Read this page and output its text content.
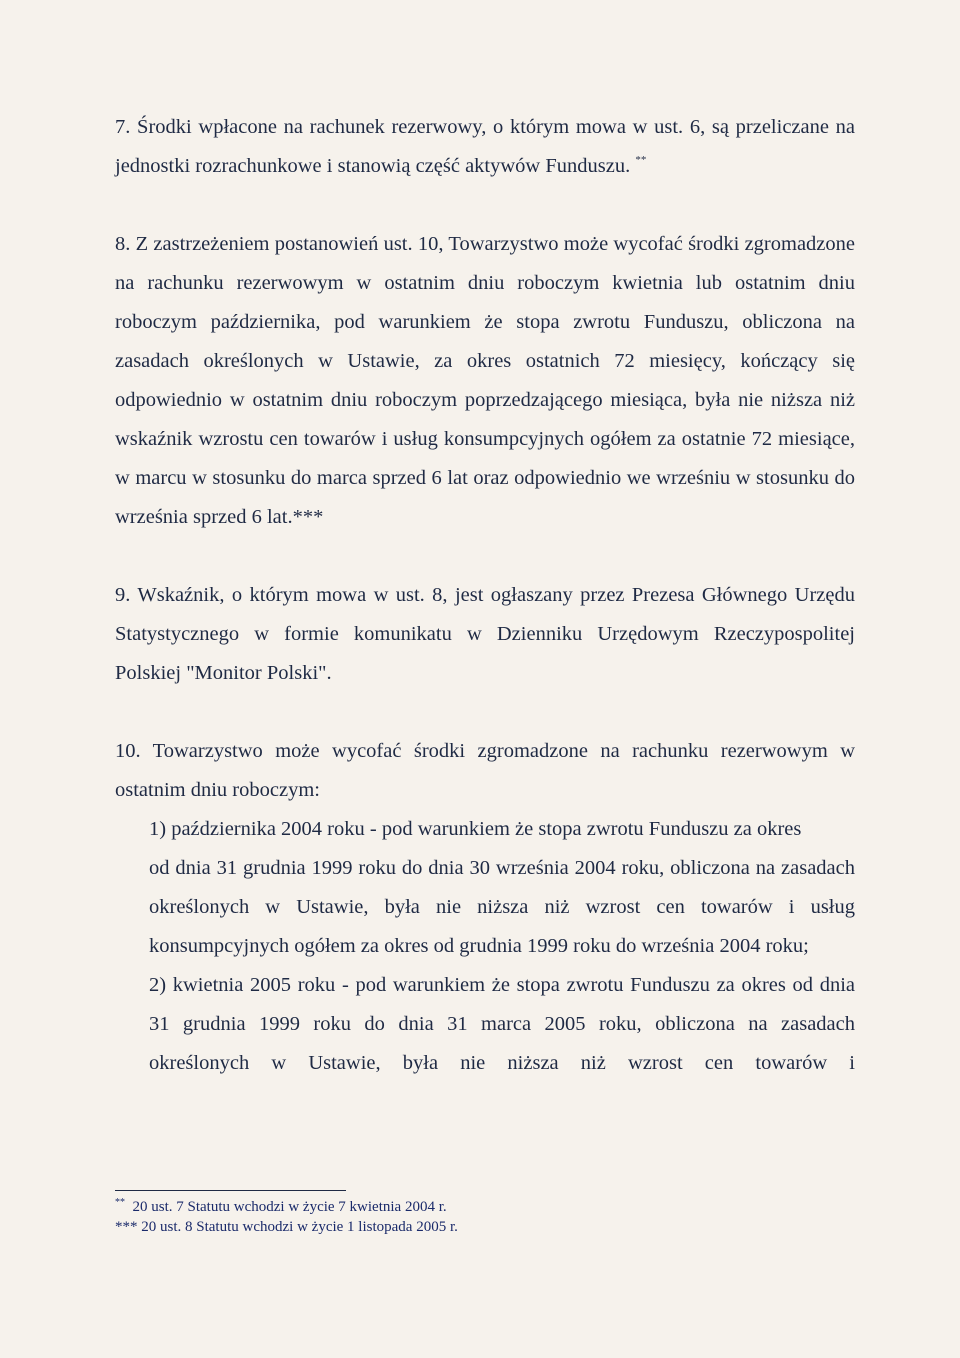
7. Środki wpłacone na rachunek rezerwowy, o którym mowa w ust. 6, są przeliczane na jednostki rozrachunkowe i stanowią część aktywów Funduszu. **

8. Z zastrzeżeniem postanowień ust. 10, Towarzystwo może wycofać środki zgromadzone na rachunku rezerwowym w ostatnim dniu roboczym kwietnia lub ostatnim dniu roboczym października, pod warunkiem że stopa zwrotu Funduszu, obliczona na zasadach określonych w Ustawie, za okres ostatnich 72 miesięcy, kończący się odpowiednio w ostatnim dniu roboczym poprzedzającego miesiąca, była nie niższa niż wskaźnik wzrostu cen towarów i usług konsumpcyjnych ogółem za ostatnie 72 miesiące, w marcu w stosunku do marca sprzed 6 lat oraz odpowiednio we wrześniu w stosunku do września sprzed 6 lat.***

9. Wskaźnik, o którym mowa w ust. 8, jest ogłaszany przez Prezesa Głównego Urzędu Statystycznego w formie komunikatu w Dzienniku Urzędowym Rzeczypospolitej Polskiej "Monitor Polski".

10. Towarzystwo może wycofać środki zgromadzone na rachunku rezerwowym w ostatnim dniu roboczym:

1) października 2004 roku - pod warunkiem że stopa zwrotu Funduszu za okres

od dnia 31 grudnia 1999 roku do dnia 30 września 2004 roku, obliczona na zasadach określonych w Ustawie, była nie niższa niż wzrost cen towarów i usług konsumpcyjnych ogółem za okres od grudnia 1999 roku do września 2004 roku;

2) kwietnia 2005 roku - pod warunkiem że stopa zwrotu Funduszu za okres od dnia 31 grudnia 1999 roku do dnia 31 marca 2005 roku, obliczona na zasadach określonych w Ustawie, była nie niższa niż wzrost cen towarów i

** 20 ust. 7 Statutu wchodzi w życie 7 kwietnia 2004 r.
*** 20 ust. 8 Statutu wchodzi w życie 1 listopada 2005 r.
